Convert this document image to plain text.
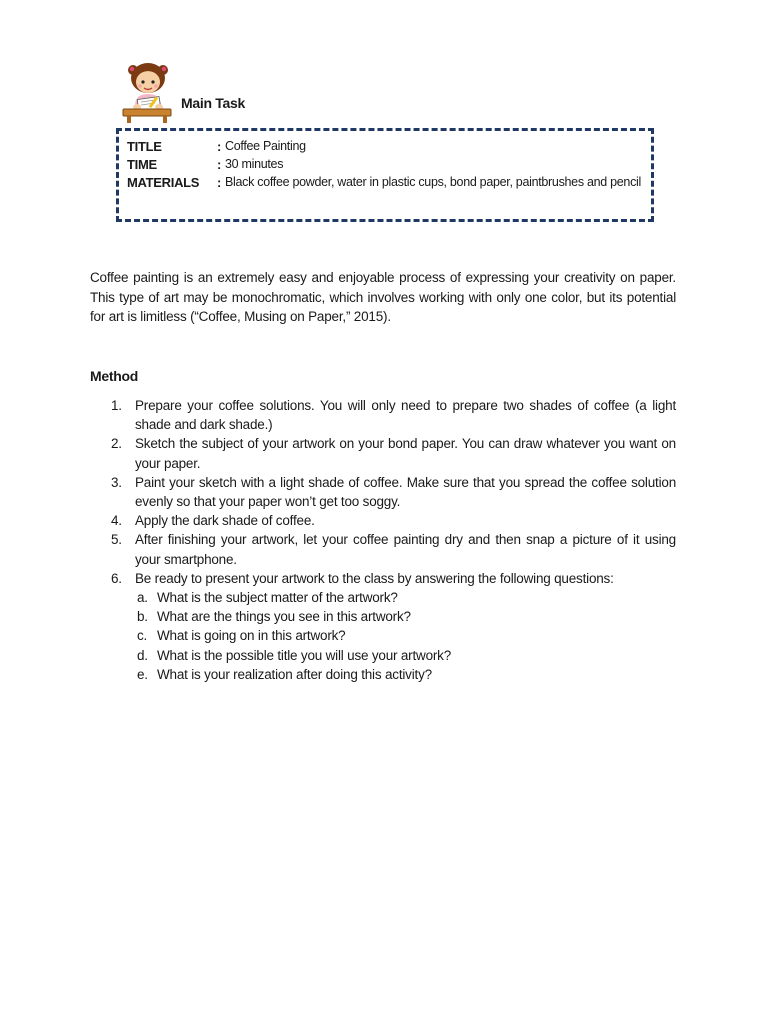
Main Task
TITLE	: Coffee Painting
TIME	: 30 minutes
MATERIALS : Black coffee powder, water in plastic cups, bond paper, paintbrushes and pencil

Coffee painting is an extremely easy and enjoyable process of expressing your creativity on paper. This type of art may be monochromatic, which involves working with only one color, but its potential for art is limitless (“Coffee, Musing on Paper,” 2015).

Method
1. Prepare your coffee solutions. You will only need to prepare two shades of coffee (a light shade and dark shade.)
2. Sketch the subject of your artwork on your bond paper. You can draw whatever you want on your paper.
3. Paint your sketch with a light shade of coffee. Make sure that you spread the coffee solution evenly so that your paper won’t get too soggy.
4. Apply the dark shade of coffee.
5. After finishing your artwork, let your coffee painting dry and then snap a picture of it using your smartphone.
6. Be ready to present your artwork to the class by answering the following questions:
a. What is the subject matter of the artwork?
b. What are the things you see in this artwork?
c. What is going on in this artwork?
d. What is the possible title you will use your artwork?
e. What is your realization after doing this activity?
